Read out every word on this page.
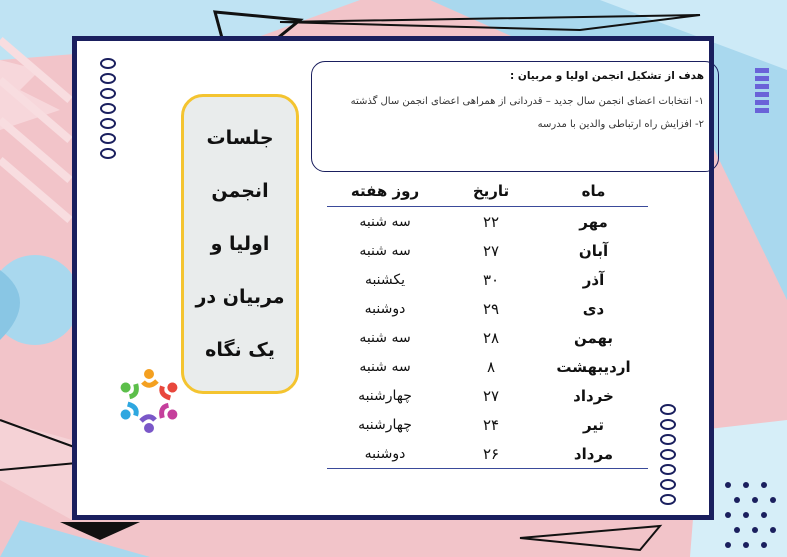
جلسات
انجمن
اولیا و
مربیان در
یک نگاه
هدف از تشکیل انجمن اولیا و مربیان :
۱- انتخابات اعضای انجمن سال جدید – قدردانی از همراهی اعضای انجمن سال گذشته
۲- افزایش راه ارتباطی والدین با مدرسه
ماه
تاریخ
روز هفته
مهر
۲۲
سه شنبه
آبان
۲۷
سه شنبه
آذر
۳۰
یکشنبه
دی
۲۹
دوشنبه
بهمن
۲۸
سه شنبه
اردیبهشت
۸
سه شنبه
خرداد
۲۷
چهارشنبه
تیر
۲۴
چهارشنبه
مرداد
۲۶
دوشنبه
